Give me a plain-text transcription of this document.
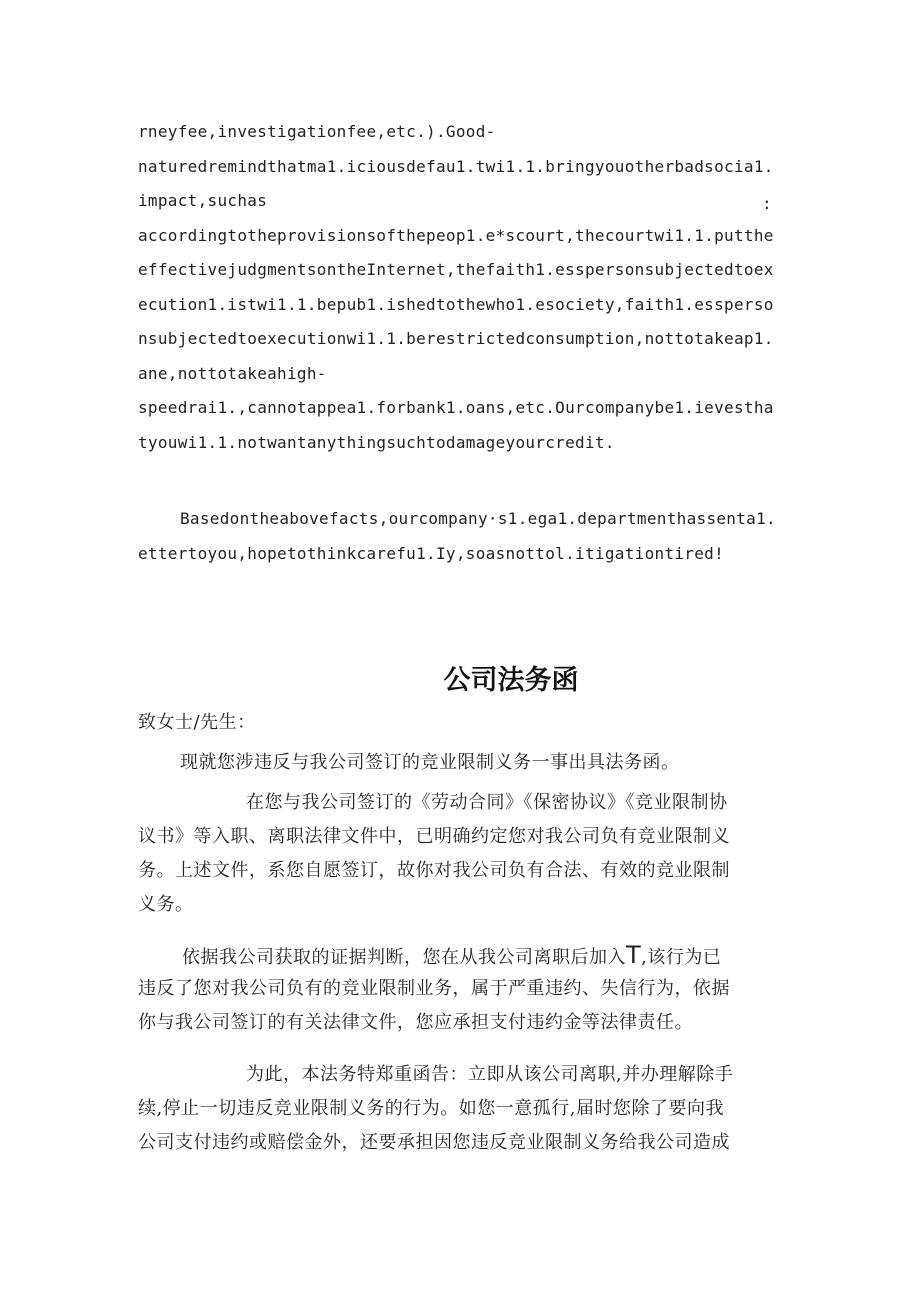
rneyfee,investigationfee,etc.).Good-
naturedremindthatma1.iciousdefau1.twi1.1.bringyouotherbadsocia1.
impact,suchas
accordingtotheprovisionsofthepeop1.e*scourt,thecourtwi1.1.putthe
effectivejudgmentsontheInternet,thefaith1.esspersonsubjectedtoex
ecution1.istwi1.1.bepub1.ishedtothewho1.esociety,faith1.essperso
nsubjectedtoexecutionwi1.1.berestrictedconsumption,nottotakeap1.
ane,nottotakeahigh-
speedrai1.,cannotappea1.forbank1.oans,etc.Ourcompanybe1.ievestha
tyouwi1.1.notwantanythingsuchtodamageyourcredit.
:
Basedontheabovefacts,ourcompany·s1.ega1.departmenthassenta1.
ettertoyou,hopetothinkcarefu1.Iy,soasnottol.itigationtired!
公司法务函
致女士/先生：
现就您涉违反与我公司签订的竞业限制义务一事出具法务函。
在您与我公司签订的《劳动合同》《保密协议》《竞业限制协
议书》等入职、离职法律文件中，已明确约定您对我公司负有竞业限制义
务。上述文件，系您自愿签订，故你对我公司负有合法、有效的竞业限制
义务。
依据我公司获取的证据判断，您在从我公司离职后加入T,该行为已
违反了您对我公司负有的竞业限制业务，属于严重违约、失信行为，依据
你与我公司签订的有关法律文件，您应承担支付违约金等法律责任。
为此，本法务特郑重函告：立即从该公司离职,并办理解除手
续,停止一切违反竞业限制义务的行为。如您一意孤行,届时您除了要向我
公司支付违约或赔偿金外，还要承担因您违反竞业限制义务给我公司造成
